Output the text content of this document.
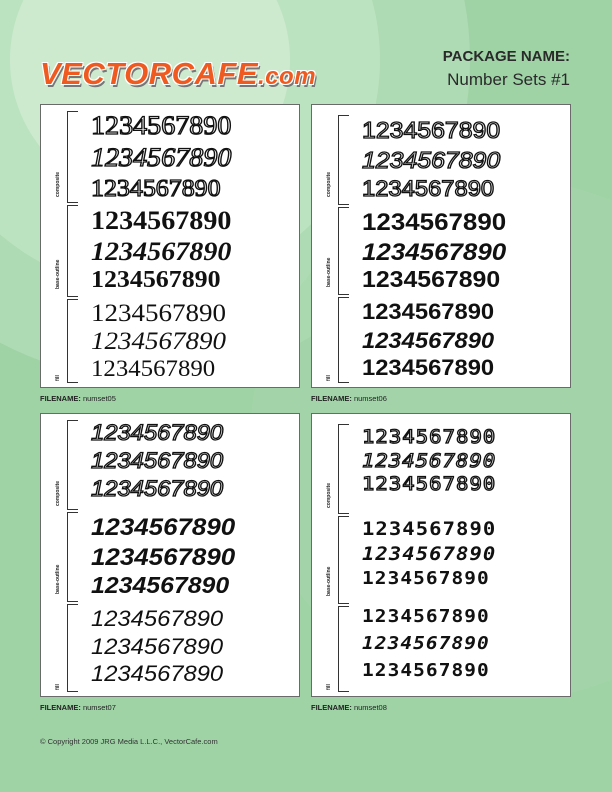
VECTORCAFE.com
PACKAGE NAME:
Number Sets #1
composite
base-outline
fill
1234567890
1234567890
1234567890
1234567890
1234567890
1234567890
1234567890
1234567890
1234567890
composite
base-outline
fill
1234567890
1234567890
1234567890
1234567890
1234567890
1234567890
1234567890
1234567890
1234567890
composite
base-outline
fill
1234567890
1234567890
1234567890
1234567890
1234567890
1234567890
1234567890
1234567890
1234567890
composite
base-outline
fill
1234567890
1234567890
1234567890
1234567890
1234567890
1234567890
1234567890
1234567890
1234567890
FILENAME: numset05	FILENAME: numset06
FILENAME: numset07	FILENAME: numset08
© Copyright 2009 JRG Media L.L.C., VectorCafe.com
